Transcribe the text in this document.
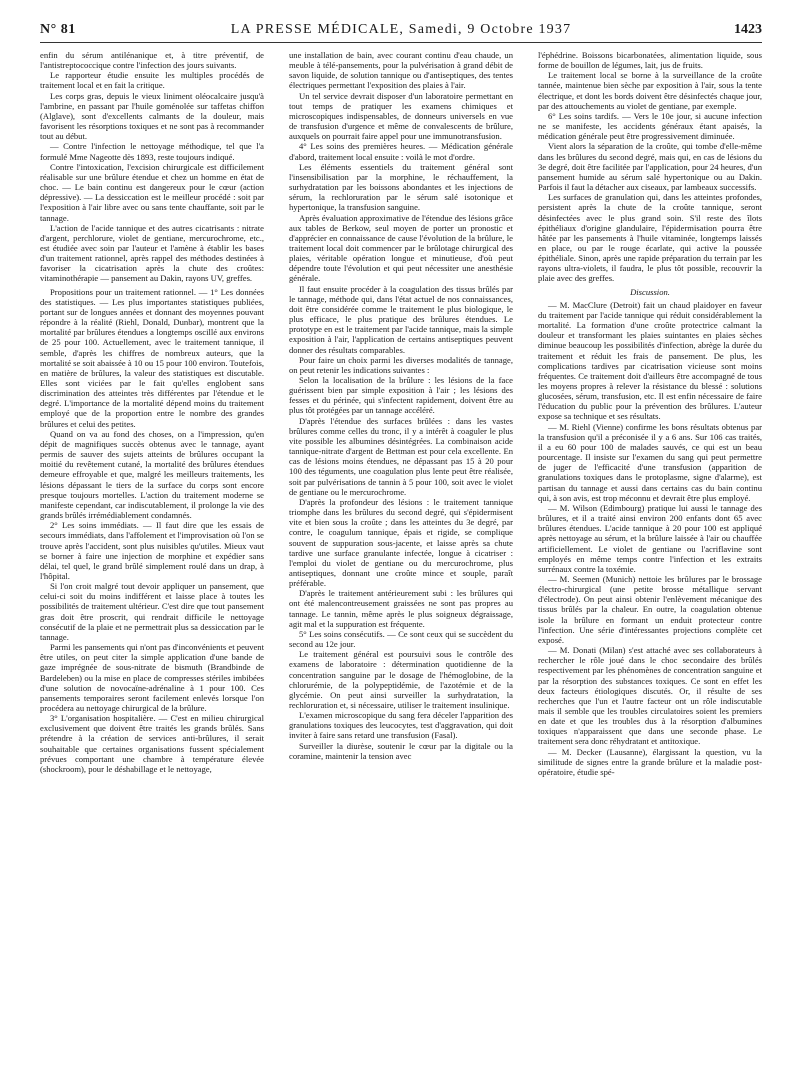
N° 81	LA PRESSE MÉDICALE, Samedi, 9 Octobre 1937	1423

enfin du sérum antilénanique et, à titre préventif, de l'antistreptococcique contre l'infection des jours suivants.

Le rapporteur étudie ensuite les multiples procédés de traitement local et en fait la critique.

Les corps gras, depuis le vieux liniment oléocalcaire jusqu'à l'ambrine, en passant par l'huile goménolée sur taffetas chiffon (Alglave), sont d'excellents calmants de la douleur, mais favorisent les résorptions toxiques et ne sont pas à recommander tout au début.

— Contre l'infection le nettoyage méthodique, tel que l'a formulé Mme Nageotte dès 1893, reste toujours indiqué.

Contre l'intoxication, l'excision chirurgicale est difficilement réalisable sur une brûlure étendue et chez un homme en état de choc. — Le bain continu est dangereux pour le cœur (action dépressive). — La dessiccation est le meilleur procédé : soit par l'exposition à l'air libre avec ou sans tente chauffante, soit par le tannage.

L'action de l'acide tannique et des autres cicatrisants : nitrate d'argent, perchlorure, violet de gentiane, mercurochrome, etc., est étudiée avec soin par l'auteur et l'amène à établir les bases d'un traitement rationnel, après rappel des méthodes destinées à favoriser la cicatrisation après la chute des croûtes: vitaminothérapie — pansement au Dakin, rayons UV, greffes.

Propositions pour un traitement rationnel. — 1° Les données des statistiques. — Les plus importantes statistiques publiées, portant sur de longues années et donnant des moyennes pouvant répondre à la réalité (Riehl, Donald, Dunbar), montrent que la mortalité par brûlures étendues a longtemps oscillé aux environs de 25 pour 100. Actuellement, avec le traitement tannique, il semble, d'après les chiffres de nombreux auteurs, que la mortalité se soit abaissée à 10 ou 15 pour 100 environ. Toutefois, en matière de brûlures, la valeur des statistiques est discutable. Elles sont viciées par le fait qu'elles englobent sans discrimination des atteintes très différentes par l'étendue et le degré. L'importance de la mortalité dépend moins du traitement employé que de la proportion entre le nombre des grandes brûlures et celui des petites.

Quand on va au fond des choses, on a l'impression, qu'en dépit de magnifiques succès obtenus avec le tannage, ayant permis de sauver des sujets atteints de brûlures occupant la moitié du revêtement cutané, la mortalité des brûlures étendues demeure effroyable et que, malgré les meilleurs traitements, les lésions dépassant le tiers de la surface du corps sont encore presque toujours mortelles. L'action du traitement moderne se manifeste cependant, car indiscutablement, il prolonge la vie des grands brûlés irrémédiablement condamnés.

2° Les soins immédiats. — Il faut dire que les essais de secours immédiats, dans l'affolement et l'improvisation où l'on se trouve après l'accident, sont plus nuisibles qu'utiles. Mieux vaut se borner à faire une injection de morphine et expédier sans délai, tel quel, le grand brûlé simplement roulé dans un drap, à l'hôpital.

Si l'on croit malgré tout devoir appliquer un pansement, que celui-ci soit du moins indifférent et laisse place à toutes les possibilités de traitement ultérieur. C'est dire que tout pansement gras doit être proscrit, qui rendrait difficile le nettoyage consécutif de la plaie et ne permettrait plus sa dessiccation par le tannage.

Parmi les pansements qui n'ont pas d'inconvénients et peuvent être utiles, on peut citer la simple application d'une bande de gaze imprégnée de sous-nitrate de bismuth (Brandbinde de Bardeleben) ou la mise en place de compresses stériles imbibées d'une solution de novocaïne-adrénaline à 1 pour 100. Ces pansements temporaires seront facilement enlevés lorsque l'on procédera au nettoyage chirurgical de la brûlure.

3° L'organisation hospitalière. — C'est en milieu chirurgical exclusivement que doivent être traités les grands brûlés. Sans prétendre à la création de services anti-brûlures, il serait souhaitable que certaines organisations fussent spécialement prévues comportant une chambre à température élevée (shockroom), pour le déshabillage et le nettoyage,

une installation de bain, avec courant continu d'eau chaude, un meuble à télé-pansements, pour la pulvérisation à grand débit de savon liquide, de solution tannique ou d'antiseptiques, des tentes électriques permettant l'exposition des plaies à l'air.

Un tel service devrait disposer d'un laboratoire permettant en tout temps de pratiquer les examens chimiques et microscopiques indispensables, de donneurs universels en vue de transfusion d'urgence et même de convalescents de brûlure, auxquels on pourrait faire appel pour une immunotransfusion.

4° Les soins des premières heures. — Médication générale d'abord, traitement local ensuite : voilà le mot d'ordre.

Les éléments essentiels du traitement général sont l'insensibilisation par la morphine, le réchauffement, la surhydratation par les boissons abondantes et les injections de sérum, la rechloruration par le sérum salé isotonique et hypertonique, la transfusion sanguine.

Après évaluation approximative de l'étendue des lésions grâce aux tables de Berkow, seul moyen de porter un pronostic et d'apprécier en connaissance de cause l'évolution de la brûlure, le traitement local doit commencer par le brûlotage chirurgical des plaies, véritable opération longue et minutieuse, d'où peut dépendre toute l'évolution et qui peut nécessiter une anesthésie générale.

Il faut ensuite procéder à la coagulation des tissus brûlés par le tannage, méthode qui, dans l'état actuel de nos connaissances, doit être considérée comme le traitement le plus biologique, le plus efficace, le plus pratique des brûlures étendues. Le prototype en est le traitement par l'acide tannique, mais la simple exposition à l'air, l'application de certains antiseptiques peuvent donner des résultats comparables.

Pour faire un choix parmi les diverses modalités de tannage, on peut retenir les indications suivantes :

Selon la localisation de la brûlure : les lésions de la face guérissent bien par simple exposition à l'air ; les lésions des fesses et du périnée, qui s'infectent rapidement, doivent être au plus tôt protégées par un tannage accéléré.

D'après l'étendue des surfaces brûlées : dans les vastes brûlures comme celles du tronc, il y a intérêt à coaguler le plus vite possible les albumines désintégrées. La combinaison acide tannique-nitrate d'argent de Bettman est pour cela excellente. En cas de lésions moins étendues, ne dépassant pas 15 à 20 pour 100 des téguments, une coagulation plus lente peut être réalisée, soit par pulvérisations de tannin à 5 pour 100, soit avec le violet de gentiane ou le mercurochrome.

D'après la profondeur des lésions : le traitement tannique triomphe dans les brûlures du second degré, qui s'épidermisent vite et bien sous la croûte ; dans les atteintes du 3e degré, par contre, le coagulum tannique, épais et rigide, se complique souvent de suppuration sous-jacente, et laisse après sa chute tardive une surface granulante infectée, longue à cicatriser : l'emploi du violet de gentiane ou du mercurochrome, plus antiseptiques, donnant une croûte mince et souple, paraît préférable.

D'après le traitement antérieurement subi : les brûlures qui ont été malencontreusement graissées ne sont pas propres au tannage. Le tannin, même après le plus soigneux dégraissage, agit mal et la suppuration est fréquente.

5° Les soins consécutifs. — Ce sont ceux qui se succèdent du second au 12e jour.

Le traitement général est poursuivi sous le contrôle des examens de laboratoire : détermination quotidienne de la concentration sanguine par le dosage de l'hémoglobine, de la chlorurémie, de la polypeptidémie, de l'azotémie et de la glycémie. On peut ainsi surveiller la surhydratation, la rechloruration et, si nécessaire, utiliser le traitement insulinique.

L'examen microscopique du sang fera déceler l'apparition des granulations toxiques des leucocytes, test d'aggravation, qui doit inviter à faire sans retard une transfusion (Fasal).

Surveiller la diurèse, soutenir le cœur par la digitale ou la coramine, maintenir la tension avec

l'éphédrine. Boissons bicarbonatées, alimentation liquide, sous forme de bouillon de légumes, lait, jus de fruits.

Le traitement local se borne à la surveillance de la croûte tannée, maintenue bien sèche par exposition à l'air, sous la tente électrique, et dont les bords doivent être désinfectés chaque jour, par des attouchements au violet de gentiane, par exemple.

6° Les soins tardifs. — Vers le 10e jour, si aucune infection ne se manifeste, les accidents généraux étant apaisés, la médication générale peut être progressivement diminuée.

Vient alors la séparation de la croûte, qui tombe d'elle-même dans les brûlures du second degré, mais qui, en cas de lésions du 3e degré, doit être facilitée par l'application, pour 24 heures, d'un pansement humide au sérum salé hypertonique ou au Dakin. Parfois il faut la détacher aux ciseaux, par lambeaux successifs.

Les surfaces de granulation qui, dans les atteintes profondes, persistent après la chute de la croûte tannique, seront désinfectées avec le plus grand soin. S'il reste des îlots épithéliaux d'origine glandulaire, l'épidermisation pourra être hâtée par les pansements à l'huile vitaminée, longtemps laissés en place, ou par le rouge écarlate, qui active la poussée épithéliale. Sinon, après une rapide préparation du terrain par les rayons ultra-violets, il faudra, le plus tôt possible, recouvrir la plaie avec des greffes.

Discussion.

— M. MacClure (Detroit) fait un chaud plaidoyer en faveur du traitement par l'acide tannique qui réduit considérablement la mortalité. La formation d'une croûte protectrice calmant la douleur et transformant les plaies suintantes en plaies sèches diminue beaucoup les possibilités d'infection, abrège la durée du traitement et réduit les frais de pansement. De plus, les complications tardives par cicatrisation vicieuse sont moins fréquentes. Ce traitement doit d'ailleurs être accompagné de tous les moyens propres à relever la résistance du blessé : solutions glucosées, sérum, transfusion, etc. Il est enfin nécessaire de faire l'éducation du public pour la prévention des brûlures. L'auteur expose sa technique et ses résultats.

— M. Riehl (Vienne) confirme les bons résultats obtenus par la transfusion qu'il a préconisée il y a 6 ans. Sur 106 cas traités, il a eu 60 pour 100 de malades sauvés, ce qui est un beau pourcentage. Il insiste sur l'examen du sang qui peut permettre de juger de l'efficacité d'une transfusion (apparition de granulations toxiques dans le protoplasme, signe d'alarme), est partisan du tannage et aussi dans certains cas du bain continu qui, à son avis, est trop méconnu et devrait être plus employé.

— M. Wilson (Edimbourg) pratique lui aussi le tannage des brûlures, et il a traité ainsi environ 200 enfants dont 65 avec brûlures étendues. L'acide tannique à 20 pour 100 est appliqué après nettoyage au sérum, et la brûlure laissée à l'air ou chauffée artificiellement. Le violet de gentiane ou l'acriflavine sont employés en même temps contre l'infection et les extraits surrénaux contre la toxémie.

— M. Seemen (Munich) nettoie les brûlures par le brossage électro-chirurgical (une petite brosse métallique servant d'électrode). On peut ainsi obtenir l'enlèvement mécanique des tissus brûlés par la chaleur. En outre, la coagulation obtenue isole la brûlure en formant un enduit protecteur contre l'infection. Une série d'intéressantes projections complète cet exposé.

— M. Donati (Milan) s'est attaché avec ses collaborateurs à rechercher le rôle joué dans le choc secondaire des brûlés respectivement par les phénomènes de concentration sanguine et par la résorption des substances toxiques. Ce sont en effet les deux facteurs étiologiques discutés. Or, il résulte de ses recherches que l'un et l'autre facteur ont un rôle indiscutable mais il semble que les troubles circulatoires soient les premiers en date et que les troubles dus à la résorption d'albumines toxiques n'apparaissent que dans une seconde phase. Le traitement sera donc réhydratant et antitoxique.

— M. Decker (Lausanne), élargissant la question, vu la similitude de signes entre la grande brûlure et la maladie post-opératoire, étudie spé-
